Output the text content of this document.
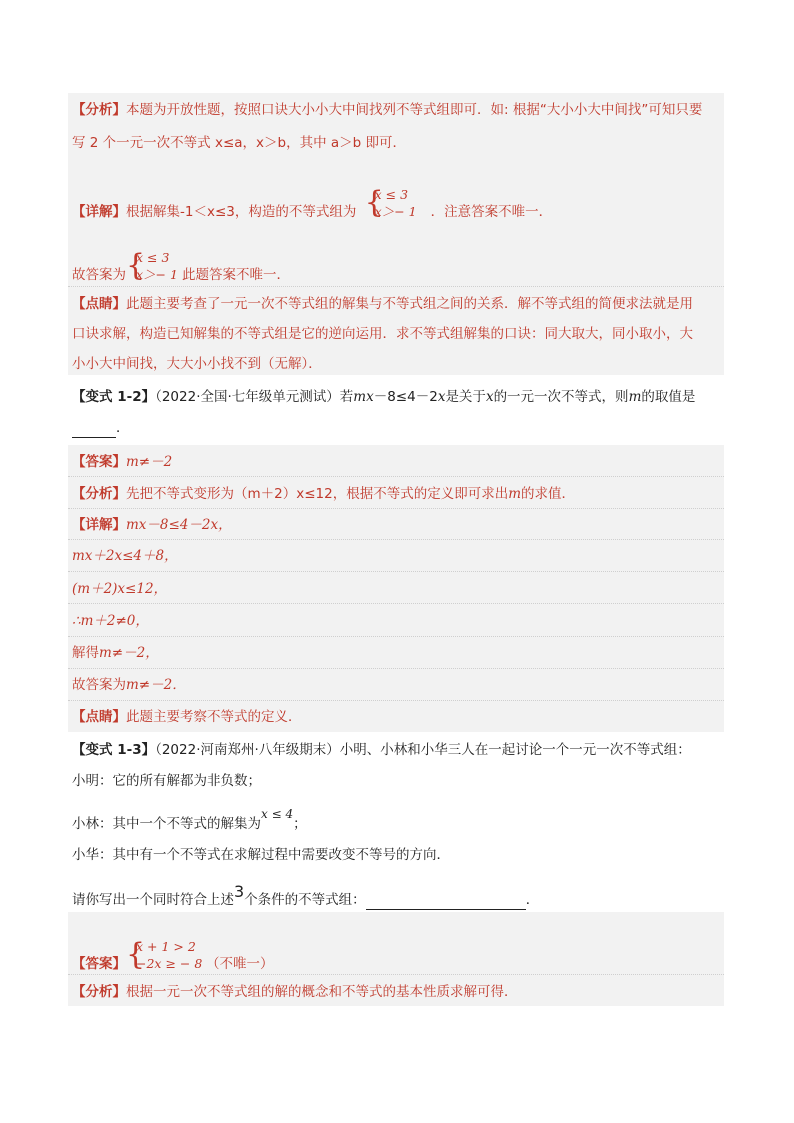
【分析】本题为开放性题，按照口诀大小小大中间找列不等式组即可．如: 根据“大小小大中间找”可知只要
写 2 个一元一次不等式 x≤a，x＞b，其中 a＞b 即可．
【详解】根据解集-1＜x≤3，构造的不等式组为 {
x ≤ 3
x＞− 1	．注意答案不唯一．
故答案为 {
x ≤ 3
x＞− 1 此题答案不唯一．
【点睛】此题主要考查了一元一次不等式组的解集与不等式组之间的关系．解不等式组的简便求法就是用
口诀求解，构造已知解集的不等式组是它的逆向运用．求不等式组解集的口诀：同大取大，同小取小，大
小小大中间找，大大小小找不到（无解）．
【变式 1-2】（2022·全国·七年级单元测试）若mx－8≤4－2x是关于x的一元一次不等式，则m的取值是
．
【答案】m≠－2
【分析】先把不等式变形为（m＋2）x≤12，根据不等式的定义即可求出m的求值．
【详解】mx－8≤4－2x，
mx＋2x≤4＋8，
(m＋2)x≤12，
∴m＋2≠0，
解得m≠－2，
故答案为m≠－2．
【点睛】此题主要考察不等式的定义．
【变式 1-3】（2022·河南郑州·八年级期末）小明、小林和小华三人在一起讨论一个一元一次不等式组：
小明：它的所有解都为非负数；
小林：其中一个不等式的解集为x ≤ 4；
小华：其中有一个不等式在求解过程中需要改变不等号的方向．
请你写出一个同时符合上述3个条件的不等式组：	．
【答案】 {
x + 1 > 2
−2x ≥ − 8 （不唯一）
【分析】根据一元一次不等式组的解的概念和不等式的基本性质求解可得．
